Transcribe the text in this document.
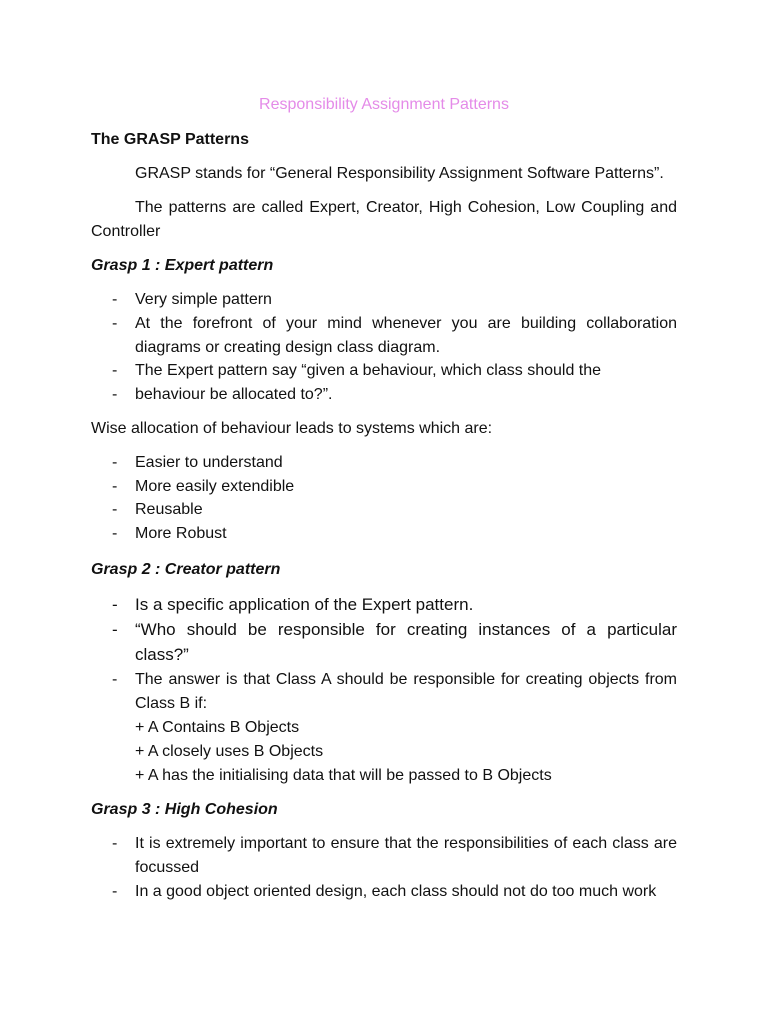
Responsibility Assignment Patterns
The GRASP Patterns
GRASP stands for “General Responsibility Assignment Software Patterns”.
The patterns are called Expert, Creator, High Cohesion, Low Coupling and
Controller
Grasp 1 : Expert pattern
- Very simple pattern
- At the forefront of your mind whenever you are building collaboration
diagrams or creating design class diagram.
- The Expert pattern say “given a behaviour, which class should the
- behaviour be allocated to?”.
Wise allocation of behaviour leads to systems which are:
- Easier to understand
- More easily extendible
- Reusable
- More Robust
Grasp 2 : Creator pattern
- Is a specific application of the Expert pattern.
- “Who should be responsible for creating instances of a particular
class?”
- The answer is that Class A should be responsible for creating objects from
Class B if:
+ A Contains B Objects
+ A closely uses B Objects
+ A has the initialising data that will be passed to B Objects
Grasp 3 : High Cohesion
- It is extremely important to ensure that the responsibilities of each class are
focussed
- In a good object oriented design, each class should not do too much work
